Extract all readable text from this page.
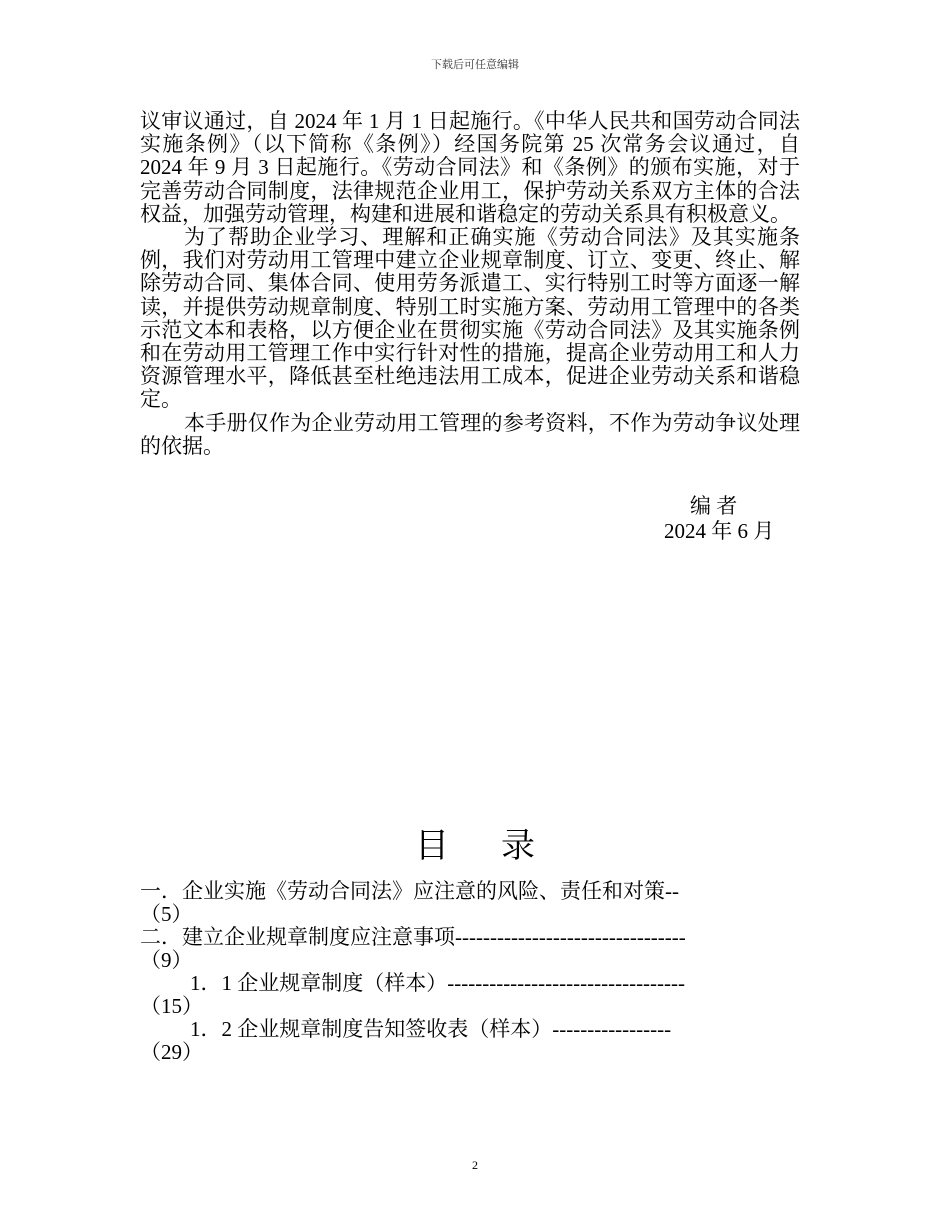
下载后可任意编辑

议审议通过，自 2024 年 1 月 1 日起施行。《中华人民共和国劳动合同法实施条例》（以下简称《条例》）经国务院第 25 次常务会议通过，自 2024 年 9 月 3 日起施行。《劳动合同法》和《条例》的颁布实施，对于完善劳动合同制度，法律规范企业用工，保护劳动关系双方主体的合法权益，加强劳动管理，构建和进展和谐稳定的劳动关系具有积极意义。

为了帮助企业学习、理解和正确实施《劳动合同法》及其实施条例，我们对劳动用工管理中建立企业规章制度、订立、变更、终止、解除劳动合同、集体合同、使用劳务派遣工、实行特别工时等方面逐一解读，并提供劳动规章制度、特别工时实施方案、劳动用工管理中的各类示范文本和表格，以方便企业在贯彻实施《劳动合同法》及其实施条例和在劳动用工管理工作中实行针对性的措施，提高企业劳动用工和人力资源管理水平，降低甚至杜绝违法用工成本，促进企业劳动关系和谐稳定。

本手册仅作为企业劳动用工管理的参考资料，不作为劳动争议处理的依据。

编 者
2024 年 6 月
目录
一．企业实施《劳动合同法》应注意的风险、责任和对策--
（5）
二．建立企业规章制度应注意事项---------------------------------
（9）
1．1 企业规章制度（样本）----------------------------------
（15）
1．2 企业规章制度告知签收表（样本）-----------------
（29）
2
